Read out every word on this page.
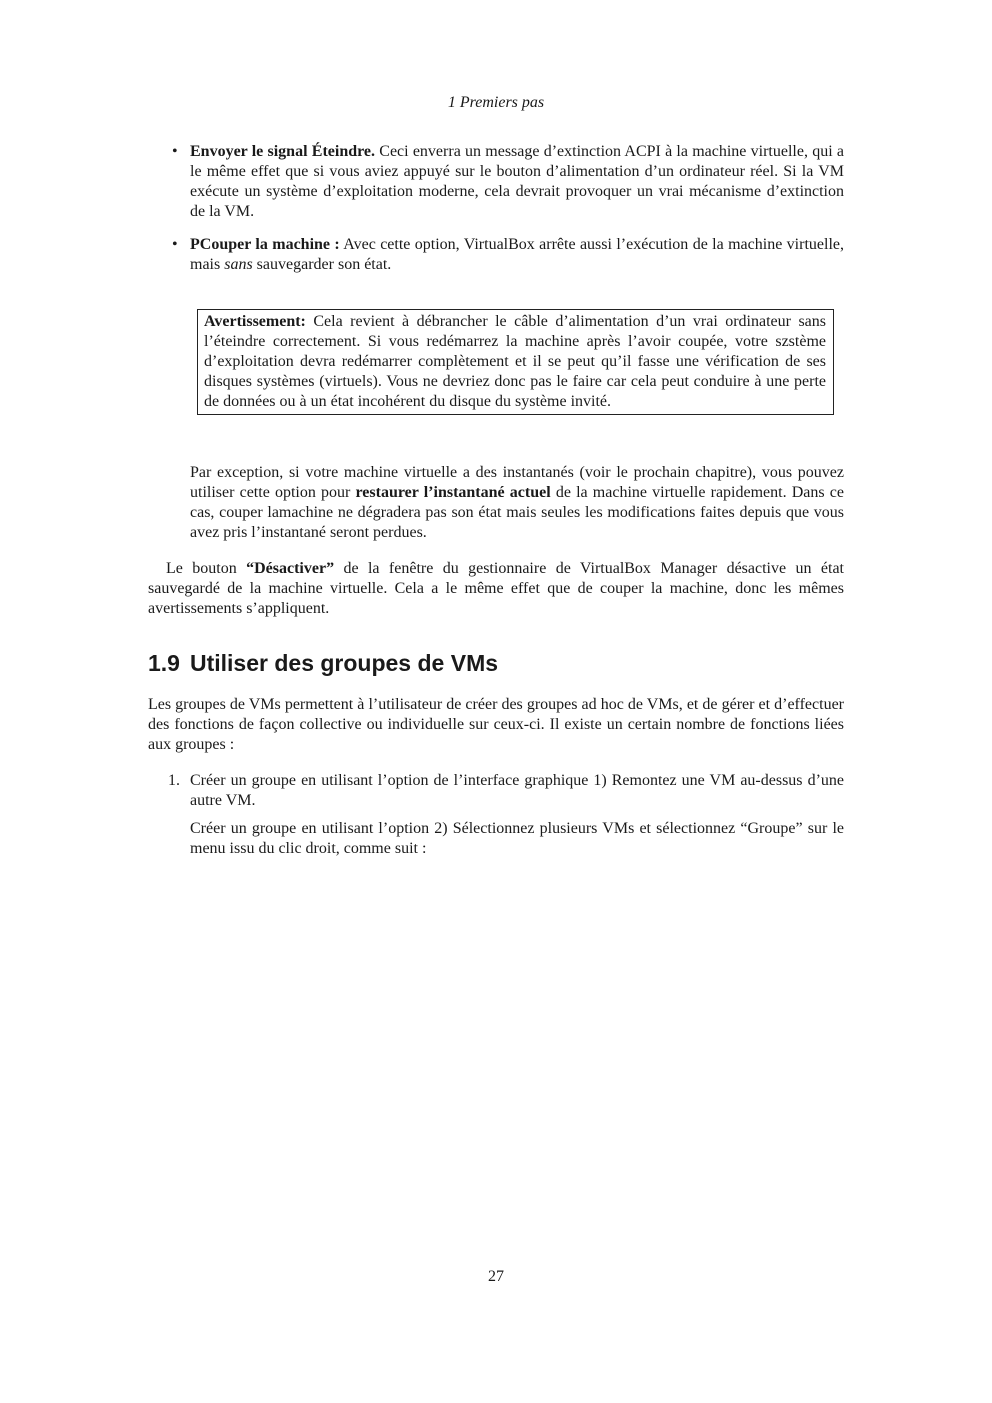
1 Premiers pas
• Envoyer le signal Éteindre. Ceci enverra un message d’extinction ACPI à la machine virtuelle, qui a le même effet que si vous aviez appuyé sur le bouton d’alimentation d’un ordinateur réel. Si la VM exécute un système d’exploitation moderne, cela devrait provoquer un vrai mécanisme d’extinction de la VM.
• PCouper la machine : Avec cette option, VirtualBox arrête aussi l’exécution de la machine virtuelle, mais sans sauvegarder son état.
Avertissement: Cela revient à débrancher le câble d’alimentation d’un vrai ordinateur sans l’éteindre correctement. Si vous redémarrez la machine après l’avoir coupée, votre szstème d’exploitation devra redémarrer complètement et il se peut qu’il fasse une vérification de ses disques systèmes (virtuels). Vous ne devriez donc pas le faire car cela peut conduire à une perte de données ou à un état incohérent du disque du système invité.
Par exception, si votre machine virtuelle a des instantanés (voir le prochain chapitre), vous pouvez utiliser cette option pour restaurer l’instantané actuel de la machine virtuelle rapidement. Dans ce cas, couper lamachine ne dégradera pas son état mais seules les modifications faites depuis que vous avez pris l’instantané seront perdues.
Le bouton “Désactiver” de la fenêtre du gestionnaire de VirtualBox Manager désactive un état sauvegardé de la machine virtuelle. Cela a le même effet que de couper la machine, donc les mêmes avertissements s’appliquent.
1.9 Utiliser des groupes de VMs
Les groupes de VMs permettent à l’utilisateur de créer des groupes ad hoc de VMs, et de gérer et d’effectuer des fonctions de façon collective ou individuelle sur ceux-ci. Il existe un certain nombre de fonctions liées aux groupes :
1. Créer un groupe en utilisant l’option de l’interface graphique 1) Remontez une VM au-dessus d’une autre VM.
Créer un groupe en utilisant l’option 2) Sélectionnez plusieurs VMs et sélectionnez “Groupe” sur le menu issu du clic droit, comme suit :
27
